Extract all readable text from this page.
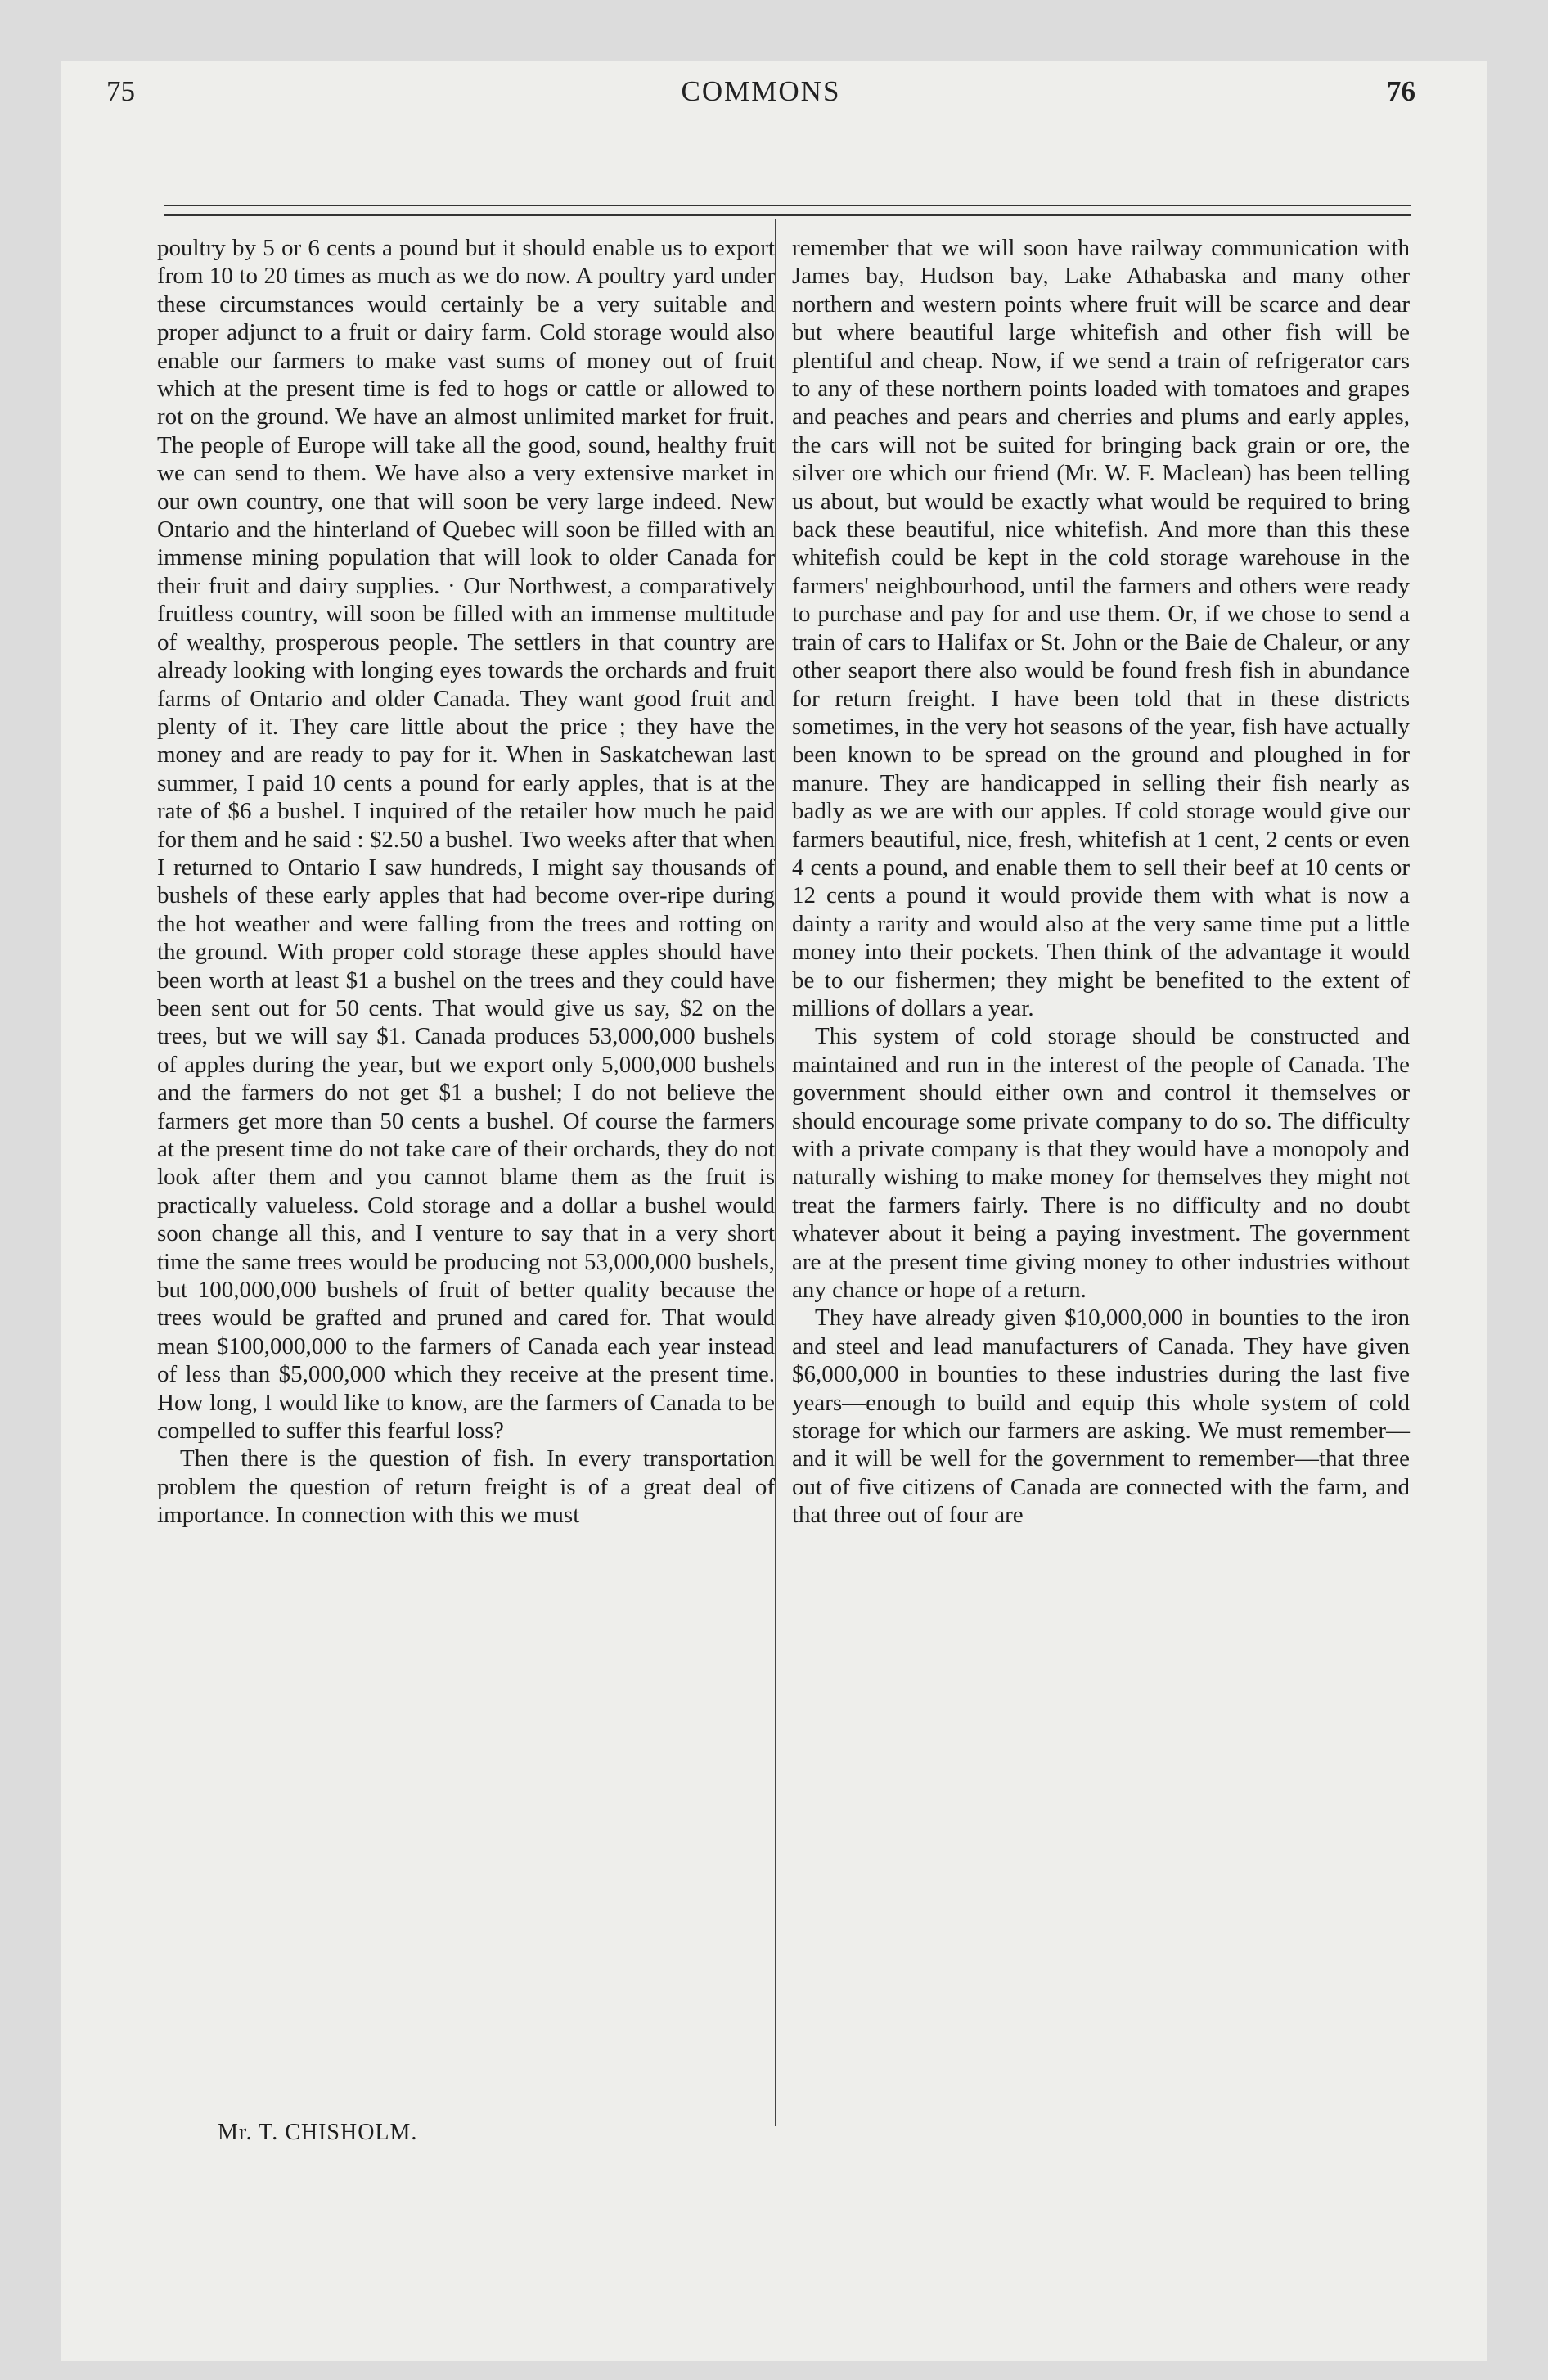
75	COMMONS	76

poultry by 5 or 6 cents a pound but it should enable us to export from 10 to 20 times as much as we do now. A poultry yard under these circumstances would certainly be a very suitable and proper adjunct to a fruit or dairy farm. Cold storage would also enable our farmers to make vast sums of money out of fruit which at the present time is fed to hogs or cattle or allowed to rot on the ground. We have an almost unlimited market for fruit. The people of Europe will take all the good, sound, healthy fruit we can send to them. We have also a very extensive market in our own country, one that will soon be very large indeed. New Ontario and the hinterland of Quebec will soon be filled with an immense mining population that will look to older Canada for their fruit and dairy supplies. · Our Northwest, a comparatively fruitless country, will soon be filled with an immense multitude of wealthy, prosperous people. The settlers in that country are already looking with longing eyes towards the orchards and fruit farms of Ontario and older Canada. They want good fruit and plenty of it. They care little about the price ; they have the money and are ready to pay for it. When in Saskatchewan last summer, I paid 10 cents a pound for early apples, that is at the rate of $6 a bushel. I inquired of the retailer how much he paid for them and he said : $2.50 a bushel. Two weeks after that when I returned to Ontario I saw hundreds, I might say thousands of bushels of these early apples that had become over-ripe during the hot weather and were falling from the trees and rotting on the ground. With proper cold storage these apples should have been worth at least $1 a bushel on the trees and they could have been sent out for 50 cents. That would give us say, $2 on the trees, but we will say $1. Canada produces 53,000,000 bushels of apples during the year, but we export only 5,000,000 bushels and the farmers do not get $1 a bushel; I do not believe the farmers get more than 50 cents a bushel. Of course the farmers at the present time do not take care of their orchards, they do not look after them and you cannot blame them as the fruit is practically valueless. Cold storage and a dollar a bushel would soon change all this, and I venture to say that in a very short time the same trees would be producing not 53,000,000 bushels, but 100,000,000 bushels of fruit of better quality because the trees would be grafted and pruned and cared for. That would mean $100,000,000 to the farmers of Canada each year instead of less than $5,000,000 which they receive at the present time. How long, I would like to know, are the farmers of Canada to be compelled to suffer this fearful loss?

Then there is the question of fish. In every transportation problem the question of return freight is of a great deal of importance. In connection with this we must

Mr. T. CHISHOLM.

remember that we will soon have railway communication with James bay, Hudson bay, Lake Athabaska and many other northern and western points where fruit will be scarce and dear but where beautiful large whitefish and other fish will be plentiful and cheap. Now, if we send a train of refrigerator cars to any of these northern points loaded with tomatoes and grapes and peaches and pears and cherries and plums and early apples, the cars will not be suited for bringing back grain or ore, the silver ore which our friend (Mr. W. F. Maclean) has been telling us about, but would be exactly what would be required to bring back these beautiful, nice whitefish. And more than this these whitefish could be kept in the cold storage warehouse in the farmers' neighbourhood, until the farmers and others were ready to purchase and pay for and use them. Or, if we chose to send a train of cars to Halifax or St. John or the Baie de Chaleur, or any other seaport there also would be found fresh fish in abundance for return freight. I have been told that in these districts sometimes, in the very hot seasons of the year, fish have actually been known to be spread on the ground and ploughed in for manure. They are handicapped in selling their fish nearly as badly as we are with our apples. If cold storage would give our farmers beautiful, nice, fresh, whitefish at 1 cent, 2 cents or even 4 cents a pound, and enable them to sell their beef at 10 cents or 12 cents a pound it would provide them with what is now a dainty a rarity and would also at the very same time put a little money into their pockets. Then think of the advantage it would be to our fishermen; they might be benefited to the extent of millions of dollars a year.

This system of cold storage should be constructed and maintained and run in the interest of the people of Canada. The government should either own and control it themselves or should encourage some private company to do so. The difficulty with a private company is that they would have a monopoly and naturally wishing to make money for themselves they might not treat the farmers fairly. There is no difficulty and no doubt whatever about it being a paying investment. The government are at the present time giving money to other industries without any chance or hope of a return.

They have already given $10,000,000 in bounties to the iron and steel and lead manufacturers of Canada. They have given $6,000,000 in bounties to these industries during the last five years—enough to build and equip this whole system of cold storage for which our farmers are asking. We must remember—and it will be well for the government to remember—that three out of five citizens of Canada are connected with the farm, and that three out of four are
